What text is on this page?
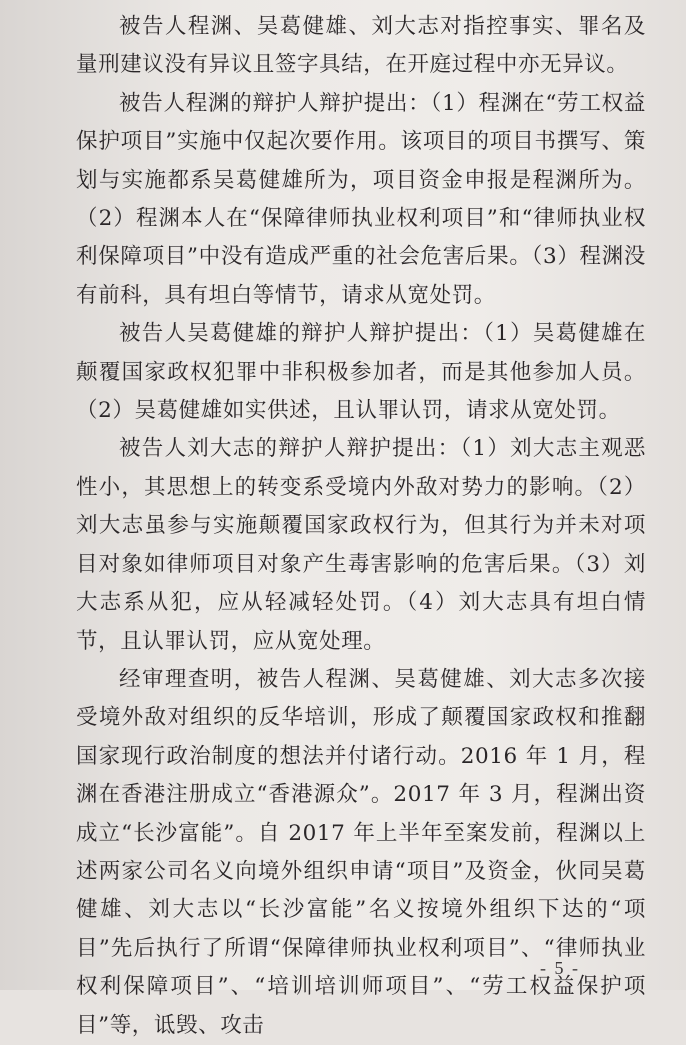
被告人程渊、吴葛健雄、刘大志对指控事实、罪名及量刑建议没有异议且签字具结，在开庭过程中亦无异议。

被告人程渊的辩护人辩护提出：（1）程渊在“劳工权益保护项目”实施中仅起次要作用。该项目的项目书撰写、策划与实施都系吴葛健雄所为，项目资金申报是程渊所为。（2）程渊本人在“保障律师执业权利项目”和“律师执业权利保障项目”中没有造成严重的社会危害后果。（3）程渊没有前科，具有坦白等情节，请求从宽处罚。

被告人吴葛健雄的辩护人辩护提出：（1）吴葛健雄在颠覆国家政权犯罪中非积极参加者，而是其他参加人员。（2）吴葛健雄如实供述，且认罪认罚，请求从宽处罚。

被告人刘大志的辩护人辩护提出：（1）刘大志主观恶性小，其思想上的转变系受境内外敌对势力的影响。（2）刘大志虽参与实施颠覆国家政权行为，但其行为并未对项目对象如律师项目对象产生毒害影响的危害后果。（3）刘大志系从犯，应从轻减轻处罚。（4）刘大志具有坦白情节，且认罪认罚，应从宽处理。

经审理查明，被告人程渊、吴葛健雄、刘大志多次接受境外敌对组织的反华培训，形成了颠覆国家政权和推翻国家现行政治制度的想法并付诸行动。2016 年 1 月，程渊在香港注册成立“香港源众”。2017 年 3 月，程渊出资成立“长沙富能”。自 2017 年上半年至案发前，程渊以上述两家公司名义向境外组织申请“项目”及资金，伙同吴葛健雄、刘大志以“长沙富能”名义按境外组织下达的“项目”先后执行了所谓“保障律师执业权利项目”、“律师执业权利保障项目”、“培训培训师项目”、“劳工权益保护项目”等，诋毁、攻击

- 5 -
